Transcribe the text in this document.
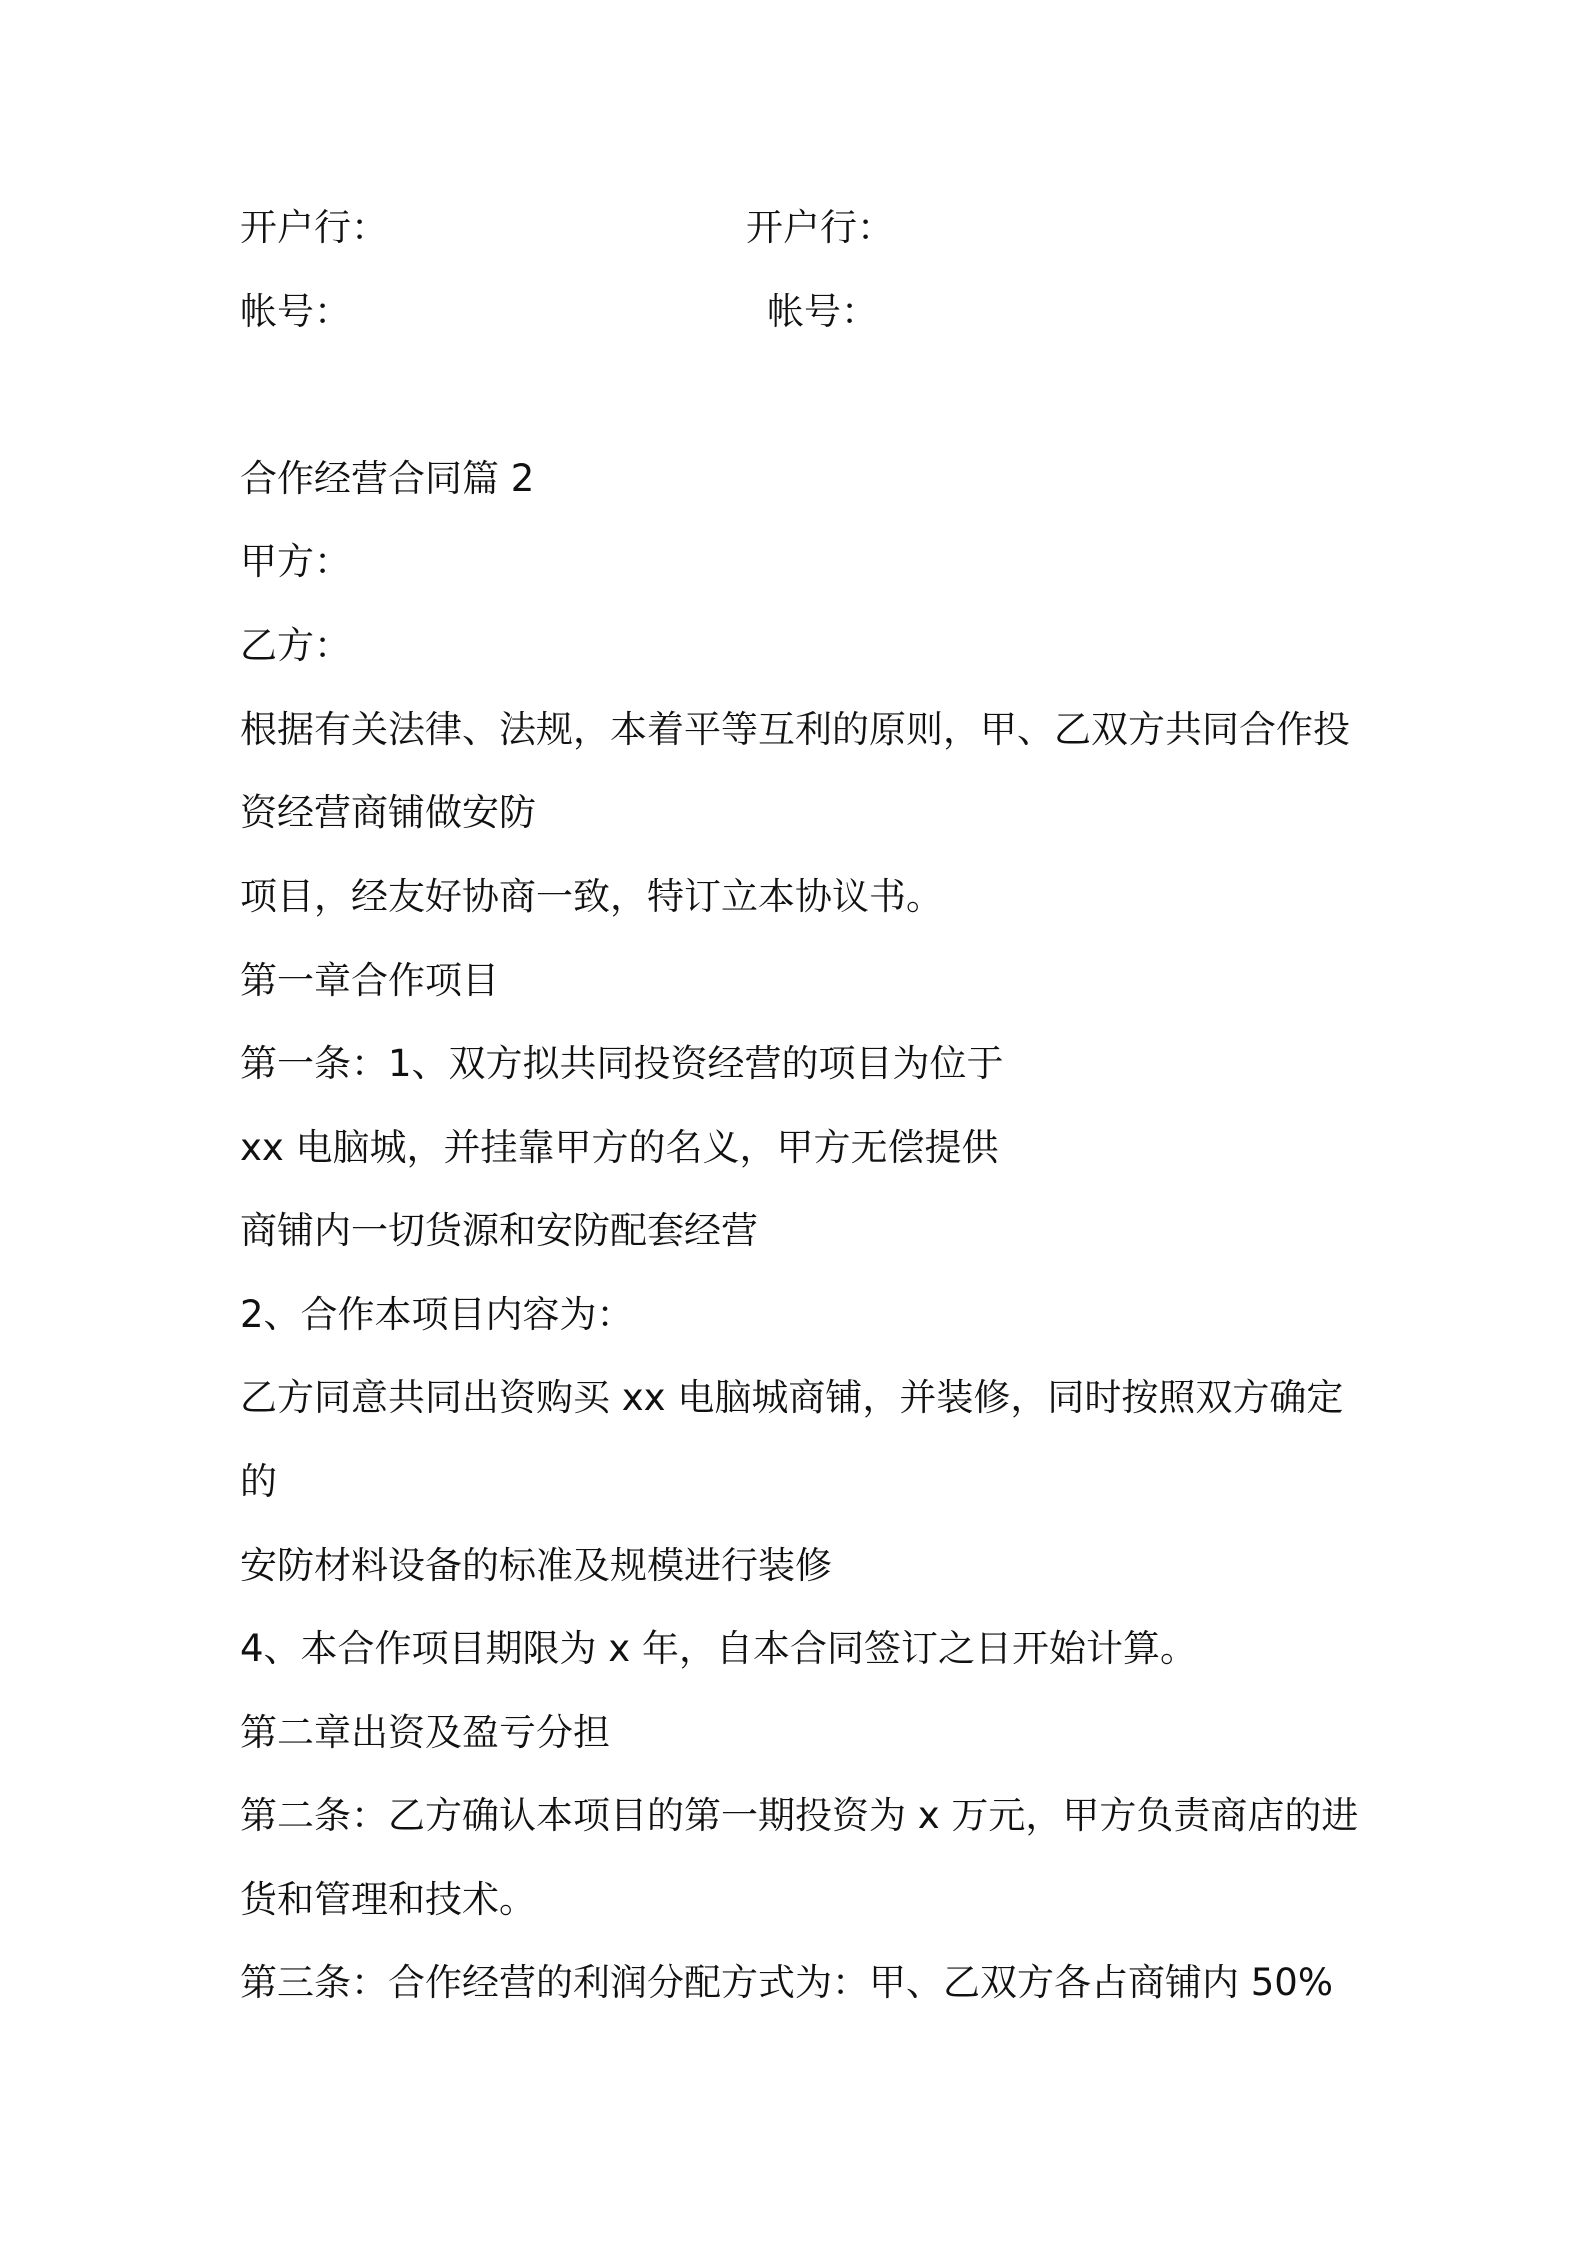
开户行：	开户行：
帐号：	帐号：
合作经营合同篇 2
甲方：
乙方：
根据有关法律、法规，本着平等互利的原则，甲、乙双方共同合作投
资经营商铺做安防
项目，经友好协商一致，特订立本协议书。
第一章合作项目
第一条：1、双方拟共同投资经营的项目为位于
xx 电脑城，并挂靠甲方的名义，甲方无偿提供
商铺内一切货源和安防配套经营
2、合作本项目内容为：
乙方同意共同出资购买 xx 电脑城商铺，并装修，同时按照双方确定
的
安防材料设备的标准及规模进行装修
4、本合作项目期限为 x 年，自本合同签订之日开始计算。
第二章出资及盈亏分担
第二条：乙方确认本项目的第一期投资为 x 万元，甲方负责商店的进
货和管理和技术。
第三条：合作经营的利润分配方式为：甲、乙双方各占商铺内 50%
